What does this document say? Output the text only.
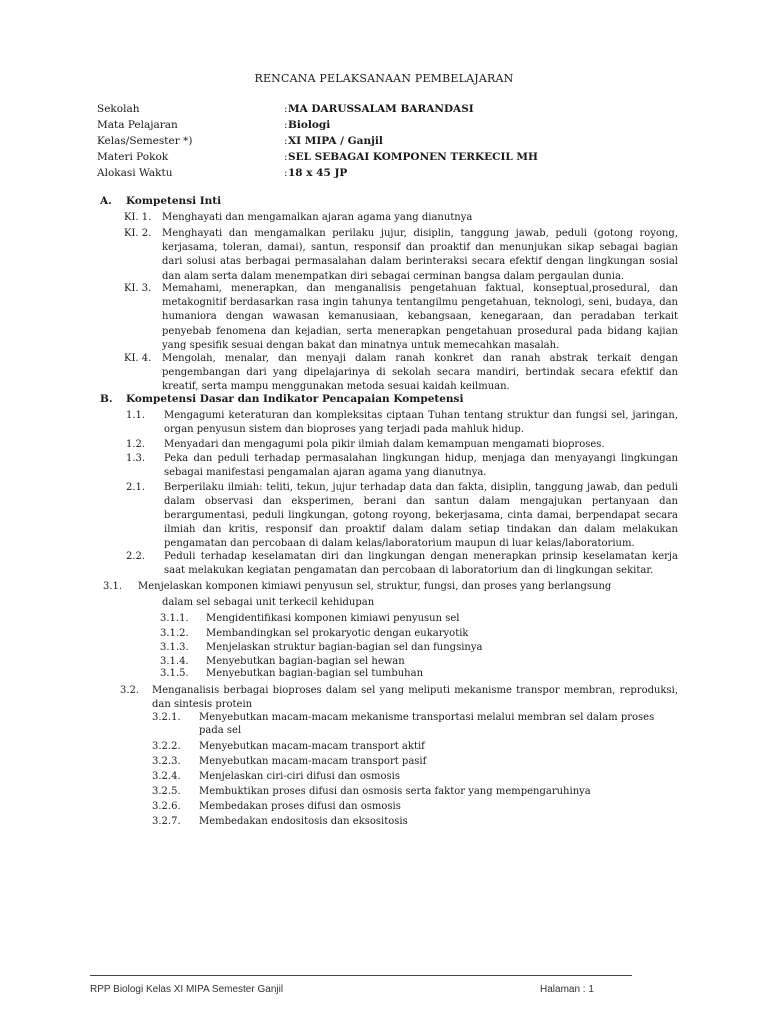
RENCANA PELAKSANAAN PEMBELAJARAN
Sekolah	: MA DARUSSALAM BARANDASI
Mata Pelajaran	: Biologi
Kelas/Semester *)	: XI MIPA / Ganjil
Materi Pokok	: SEL SEBAGAI KOMPONEN TERKECIL MH
Alokasi Waktu	: 18 x 45 JP
A. Kompetensi Inti
KI. 1. Menghayati dan mengamalkan ajaran agama yang dianutnya
KI. 2. Menghayati dan mengamalkan perilaku jujur, disiplin, tanggung jawab, peduli (gotong royong, kerjasama, toleran, damai), santun, responsif dan proaktif dan menunjukan sikap sebagai bagian dari solusi atas berbagai permasalahan dalam berinteraksi secara efektif dengan lingkungan sosial dan alam serta dalam menempatkan diri sebagai cerminan bangsa dalam pergaulan dunia.
KI. 3. Memahami, menerapkan, dan menganalisis pengetahuan faktual, konseptual,prosedural, dan metakognitif berdasarkan rasa ingin tahunya tentangilmu pengetahuan, teknologi, seni, budaya, dan humaniora dengan wawasan kemanusiaan, kebangsaan, kenegaraan, dan peradaban terkait penyebab fenomena dan kejadian, serta menerapkan pengetahuan prosedural pada bidang kajian yang spesifik sesuai dengan bakat dan minatnya untuk memecahkan masalah.
KI. 4. Mengolah, menalar, dan menyaji dalam ranah konkret dan ranah abstrak terkait dengan pengembangan dari yang dipelajarinya di sekolah secara mandiri, bertindak secara efektif dan kreatif, serta mampu menggunakan metoda sesuai kaidah keilmuan.
B. Kompetensi Dasar dan Indikator Pencapaian Kompetensi
1.1. Mengagumi keteraturan dan kompleksitas ciptaan Tuhan tentang struktur dan fungsi sel, jaringan, organ penyusun sistem dan bioproses yang terjadi pada mahluk hidup.
1.2. Menyadari dan mengagumi pola pikir ilmiah dalam kemampuan mengamati bioproses.
1.3. Peka dan peduli terhadap permasalahan lingkungan hidup, menjaga dan menyayangi lingkungan sebagai manifestasi pengamalan ajaran agama yang dianutnya.
2.1. Berperilaku ilmiah: teliti, tekun, jujur terhadap data dan fakta, disiplin, tanggung jawab, dan peduli dalam observasi dan eksperimen, berani dan santun dalam mengajukan pertanyaan dan berargumentasi, peduli lingkungan, gotong royong, bekerjasama, cinta damai, berpendapat secara ilmiah dan kritis, responsif dan proaktif dalam dalam setiap tindakan dan dalam melakukan pengamatan dan percobaan di dalam kelas/laboratorium maupun di luar kelas/laboratorium.
2.2. Peduli terhadap keselamatan diri dan lingkungan dengan menerapkan prinsip keselamatan kerja saat melakukan kegiatan pengamatan dan percobaan di laboratorium dan di lingkungan sekitar.
3.1. Menjelaskan komponen kimiawi penyusun sel, struktur, fungsi, dan proses yang berlangsung
dalam sel sebagai unit terkecil kehidupan
3.1.1. Mengidentifikasi komponen kimiawi penyusun sel
3.1.2. Membandingkan sel prokaryotic dengan eukaryotik
3.1.3. Menjelaskan struktur bagian-bagian sel dan fungsinya
3.1.4. Menyebutkan bagian-bagian sel hewan
3.1.5. Menyebutkan bagian-bagian sel tumbuhan
3.2. Menganalisis berbagai bioproses dalam sel yang meliputi mekanisme transpor membran, reproduksi, dan sintesis protein
3.2.1. Menyebutkan macam-macam mekanisme transportasi melalui membran sel dalam proses pada sel
3.2.2. Menyebutkan macam-macam transport aktif
3.2.3. Menyebutkan macam-macam transport pasif
3.2.4. Menjelaskan ciri-ciri difusi dan osmosis
3.2.5. Membuktikan proses difusi dan osmosis serta faktor yang mempengaruhinya
3.2.6. Membedakan proses difusi dan osmosis
3.2.7. Membedakan endositosis dan eksositosis
RPP Biologi Kelas XI MIPA Semester Ganjil	Halaman : 1
